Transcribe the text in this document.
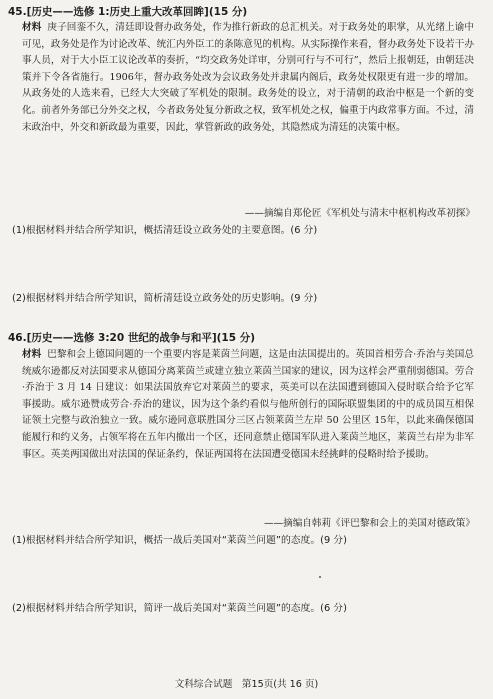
45.[历史——选修 1:历史上重大改革回眸](15 分)
材料 庚子回銮不久，清廷即设督办政务处，作为推行新政的总汇机关。对于政务处的职掌，从光绪上谕中可见，政务处是作为讨论改革、统汇内外臣工的条陈意见的机构。从实际操作来看，督办政务处下设若干办事人员，对于大小臣工议论改革的奏折，“均交政务处详审，分别可行与不可行”，然后上报朝廷，由朝廷决策并下令各省施行。1906年，督办政务处改为会议政务处并隶属内阁后，政务处权限更有进一步的增加。从政务处的人选来看，已经大大突破了军机处的限制。政务处的设立，对于清朝的政治中枢是一个新的变化。前者外务部已分外交之权，今者政务处复分新政之权，致军机处之权，偏重于内政常事方面。不过，清末政治中，外交和新政最为重要，因此，掌管新政的政务处，其隐然成为清廷的决策中枢。
——摘编自郑伦匠《军机处与清末中枢机构改革初探》
(1)根据材料并结合所学知识，概括清廷设立政务处的主要意图。(6 分)
(2)根据材料并结合所学知识，简析清廷设立政务处的历史影响。(9 分)
46.[历史——选修 3:20 世纪的战争与和平](15 分)
材料 巴黎和会上德国问题的一个重要内容是莱茵兰问题，这是由法国提出的。英国首相劳合·乔治与美国总统威尔逊都反对法国要求从德国分离莱茵兰或建立独立莱茵兰国家的建议，因为这样会严重削弱德国。劳合·乔治于 3 月 14 日建议：如果法国放弃它对莱茵兰的要求，英美可以在法国遭到德国入侵时联合给予它军事援助。威尔逊赞成劳合·乔治的建议，因为这个条约看似与他所创行的国际联盟集团的中的成员国互相保证领土完整与政治独立一致。威尔逊同意联胜国分三区占领莱茵兰左岸 50 公里区 15年，以此来确保德国能履行和约义务，占领军将在五年内撤出一个区，还同意禁止德国军队进入莱茵兰地区，莱茵兰右岸为非军事区。英美两国做出对法国的保证条约，保证两国将在法国遭受德国未经挑衅的侵略时给予援助。
——摘编自韩莉《评巴黎和会上的美国对德政策》
(1)根据材料并结合所学知识，概括一战后美国对“莱茵兰问题”的态度。(9 分)
(2)根据材料并结合所学知识，简评一战后美国对“莱茵兰问题”的态度。(6 分)
文科综合试题　第15页(共 16 页)
